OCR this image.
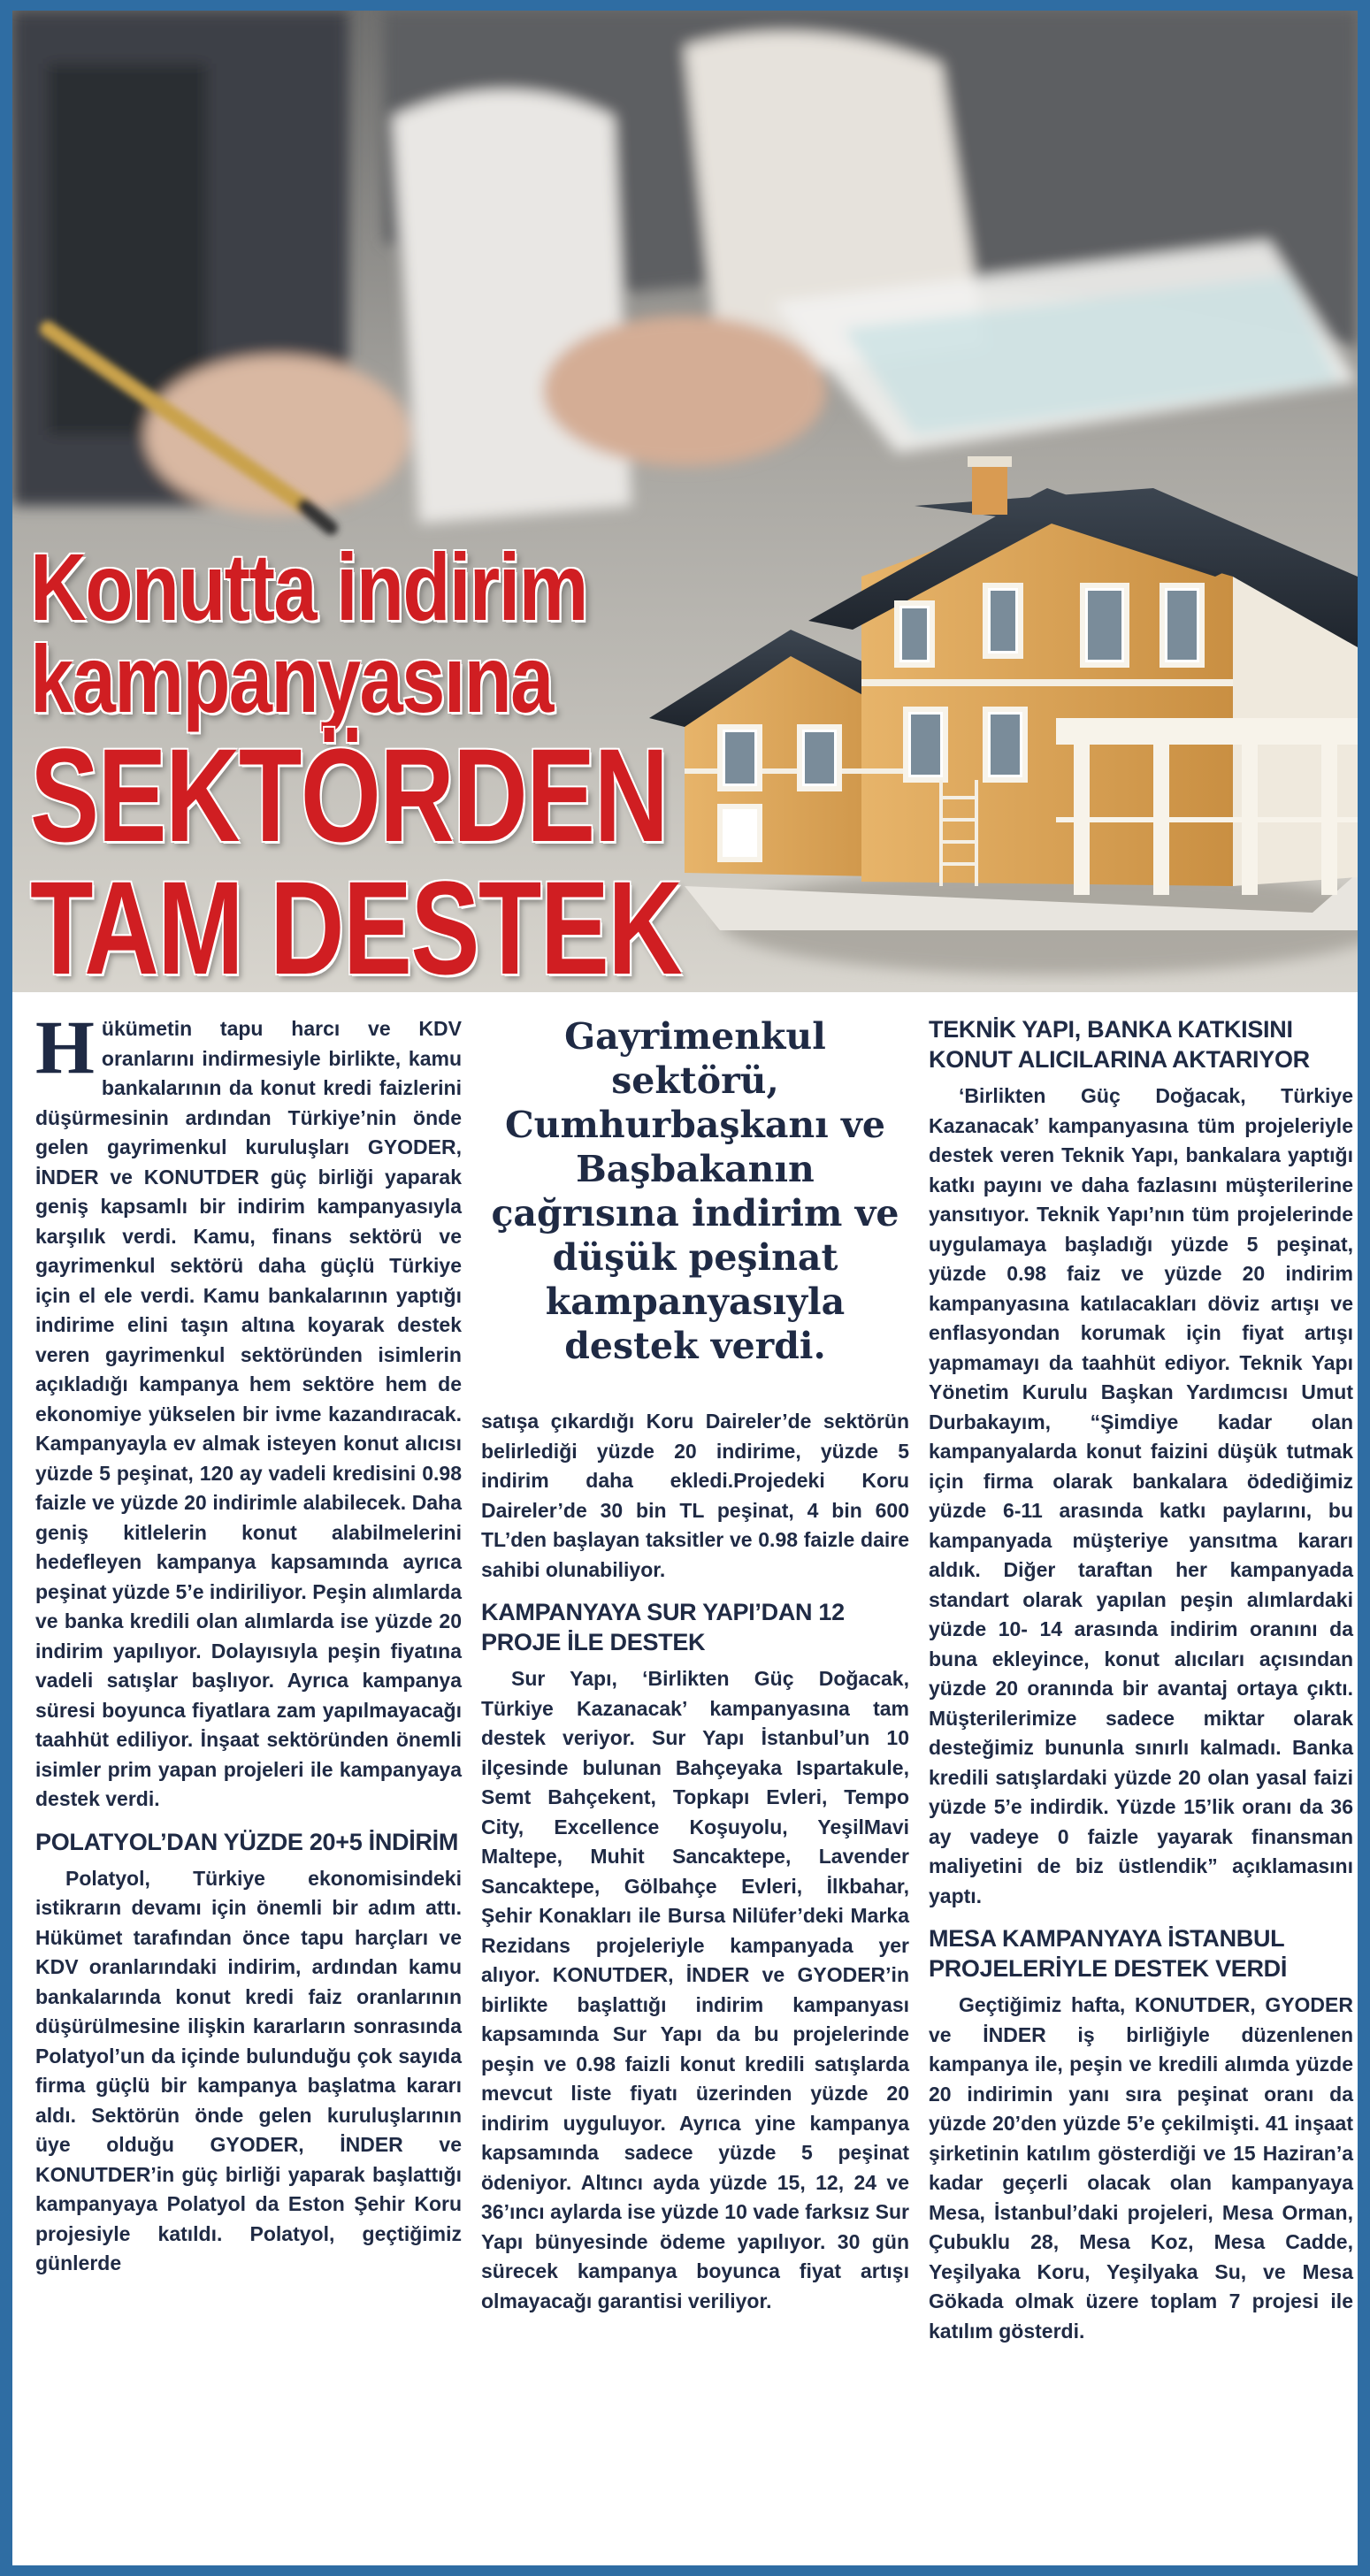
Konutta indirim
kampanyasına
SEKTÖRDEN
TAM DESTEK

Hükümetin tapu harcı ve KDV oranlarını indirmesiyle birlikte, kamu bankalarının da konut kredi faizlerini düşürmesinin ardından Türkiye’nin önde gelen gayrimenkul kuruluşları GYODER, İNDER ve KONUTDER güç birliği yaparak geniş kapsamlı bir indirim kampanyasıyla karşılık verdi. Kamu, finans sektörü ve gayrimenkul sektörü daha güçlü Türkiye için el ele verdi. Kamu bankalarının yaptığı indirime elini taşın altına koyarak destek veren gayrimenkul sektöründen isimlerin açıkladığı kampanya hem sektöre hem de ekonomiye yükselen bir ivme kazandıracak. Kampanyayla ev almak isteyen konut alıcısı yüzde 5 peşinat, 120 ay vadeli kredisini 0.98 faizle ve yüzde 20 indirimle alabilecek. Daha geniş kitlelerin konut alabilmelerini hedefleyen kampanya kapsamında ayrıca peşinat yüzde 5’e indiriliyor. Peşin alımlarda ve banka kredili olan alımlarda ise yüzde 20 indirim yapılıyor. Dolayısıyla peşin fiyatına vadeli satışlar başlıyor. Ayrıca kampanya süresi boyunca fiyatlara zam yapılmayacağı taahhüt ediliyor. İnşaat sektöründen önemli isimler prim yapan projeleri ile kampanyaya destek verdi.

POLATYOL’DAN YÜZDE 20+5 İNDİRİM

Polatyol, Türkiye ekonomisindeki istikrarın devamı için önemli bir adım attı. Hükümet tarafından önce tapu harçları ve KDV oranlarındaki indirim, ardından kamu bankalarında konut kredi faiz oranlarının düşürülmesine ilişkin kararların sonrasında Polatyol’un da içinde bulunduğu çok sayıda firma güçlü bir kampanya başlatma kararı aldı. Sektörün önde gelen kuruluşlarının üye olduğu GYODER, İNDER ve KONUTDER’in güç birliği yaparak başlattığı kampanyaya Polatyol da Eston Şehir Koru projesiyle katıldı. Polatyol, geçtiğimiz günlerde

Gayrimenkul sektörü, Cumhurbaşkanı ve Başbakanın çağrısına indirim ve düşük peşinat kampanyasıyla destek verdi.

satışa çıkardığı Koru Daireler’de sektörün belirlediği yüzde 20 indirime, yüzde 5 indirim daha ekledi.Projedeki Koru Daireler’de 30 bin TL peşinat, 4 bin 600 TL’den başlayan taksitler ve 0.98 faizle daire sahibi olunabiliyor.

KAMPANYAYA SUR YAPI’DAN 12 PROJE İLE DESTEK

Sur Yapı, ‘Birlikten Güç Doğacak, Türkiye Kazanacak’ kampanyasına tam destek veriyor. Sur Yapı İstanbul’un 10 ilçesinde bulunan Bahçeyaka Ispartakule, Semt Bahçekent, Topkapı Evleri, Tempo City, Excellence Koşuyolu, YeşilMavi Maltepe, Muhit Sancaktepe, Lavender Sancaktepe, Gölbahçe Evleri, İlkbahar, Şehir Konakları ile Bursa Nilüfer’deki Marka Rezidans projeleriyle kampanyada yer alıyor. KONUTDER, İNDER ve GYODER’in birlikte başlattığı indirim kampanyası kapsamında Sur Yapı da bu projelerinde peşin ve 0.98 faizli konut kredili satışlarda mevcut liste fiyatı üzerinden yüzde 20 indirim uyguluyor. Ayrıca yine kampanya kapsamında sadece yüzde 5 peşinat ödeniyor. Altıncı ayda yüzde 15, 12, 24 ve 36’ıncı aylarda ise yüzde 10 vade farksız Sur Yapı bünyesinde ödeme yapılıyor. 30 gün sürecek kampanya boyunca fiyat artışı olmayacağı garantisi veriliyor.

TEKNİK YAPI, BANKA KATKISINI KONUT ALICILARINA AKTARIYOR

‘Birlikten Güç Doğacak, Türkiye Kazanacak’ kampanyasına tüm projeleriyle destek veren Teknik Yapı, bankalara yaptığı katkı payını ve daha fazlasını müşterilerine yansıtıyor. Teknik Yapı’nın tüm projelerinde uygulamaya başladığı yüzde 5 peşinat, yüzde 0.98 faiz ve yüzde 20 indirim kampanyasına katılacakları döviz artışı ve enflasyondan korumak için fiyat artışı yapmamayı da taahhüt ediyor. Teknik Yapı Yönetim Kurulu Başkan Yardımcısı Umut Durbakayım, “Şimdiye kadar olan kampanyalarda konut faizini düşük tutmak için firma olarak bankalara ödediğimiz yüzde 6-11 arasında katkı paylarını, bu kampanyada müşteriye yansıtma kararı aldık. Diğer taraftan her kampanyada standart olarak yapılan peşin alımlardaki yüzde 10- 14 arasında indirim oranını da buna ekleyince, konut alıcıları açısından yüzde 20 oranında bir avantaj ortaya çıktı. Müşterilerimize sadece miktar olarak desteğimiz bununla sınırlı kalmadı. Banka kredili satışlardaki yüzde 20 olan yasal faizi yüzde 5’e indirdik. Yüzde 15’lik oranı da 36 ay vadeye 0 faizle yayarak finansman maliyetini de biz üstlendik” açıklamasını yaptı.

MESA KAMPANYAYA İSTANBUL PROJELERİYLE DESTEK VERDİ

Geçtiğimiz hafta, KONUTDER, GYODER ve İNDER iş birliğiyle düzenlenen kampanya ile, peşin ve kredili alımda yüzde 20 indirimin yanı sıra peşinat oranı da yüzde 20’den yüzde 5’e çekilmişti. 41 inşaat şirketinin katılım gösterdiği ve 15 Haziran’a kadar geçerli olacak olan kampanyaya Mesa, İstanbul’daki projeleri, Mesa Orman, Çubuklu 28, Mesa Koz, Mesa Cadde, Yeşilyaka Koru, Yeşilyaka Su, ve Mesa Gökada olmak üzere toplam 7 projesi ile katılım gösterdi.
